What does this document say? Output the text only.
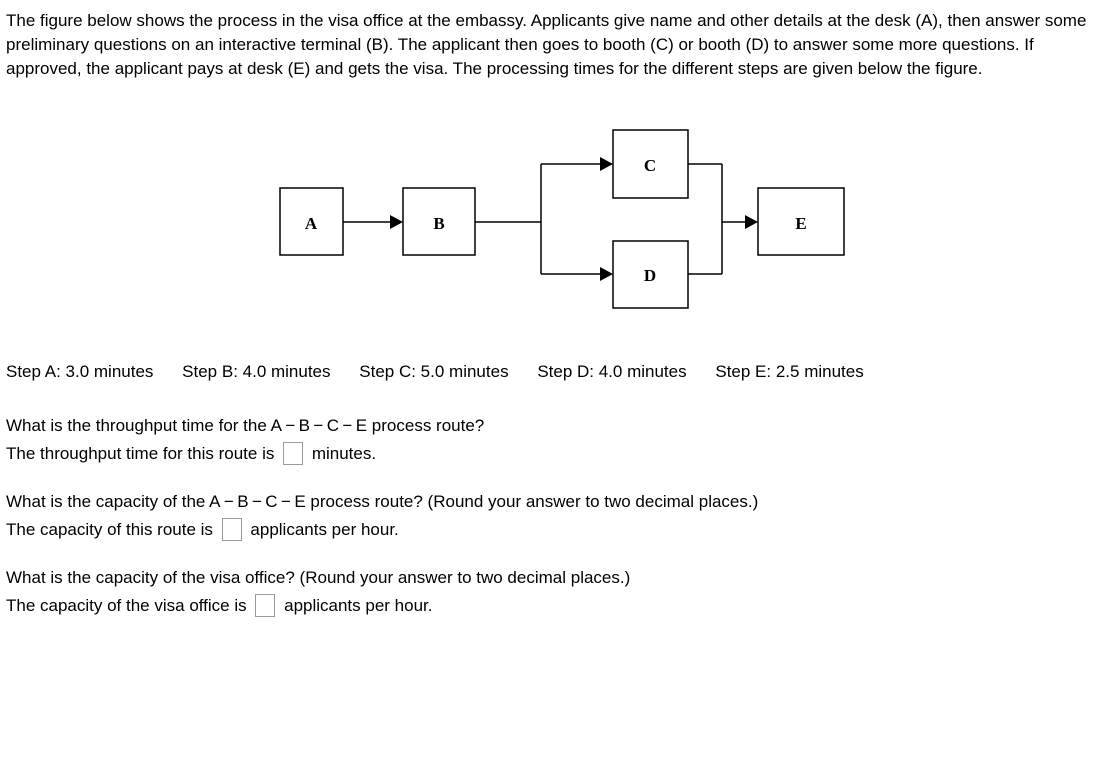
The figure below shows the process in the visa office at the embassy. Applicants give name and other details at the desk (A), then answer some preliminary questions on an interactive terminal (B). The applicant then goes to booth (C) or booth (D) to answer some more questions. If approved, the applicant pays at desk (E) and gets the visa. The processing times for the different steps are given below the figure.

A	B
C
D
E
Step A: 3.0 minutes Step B: 4.0 minutes Step C: 5.0 minutes Step D: 4.0 minutes Step E: 2.5 minutes
What is the throughput time for the A − B − C − E process route?
The throughput time for this route is minutes.
What is the capacity of the A − B − C − E process route? (Round your answer to two decimal places.)
The capacity of this route is applicants per hour.
What is the capacity of the visa office? (Round your answer to two decimal places.)
The capacity of the visa office is applicants per hour.
